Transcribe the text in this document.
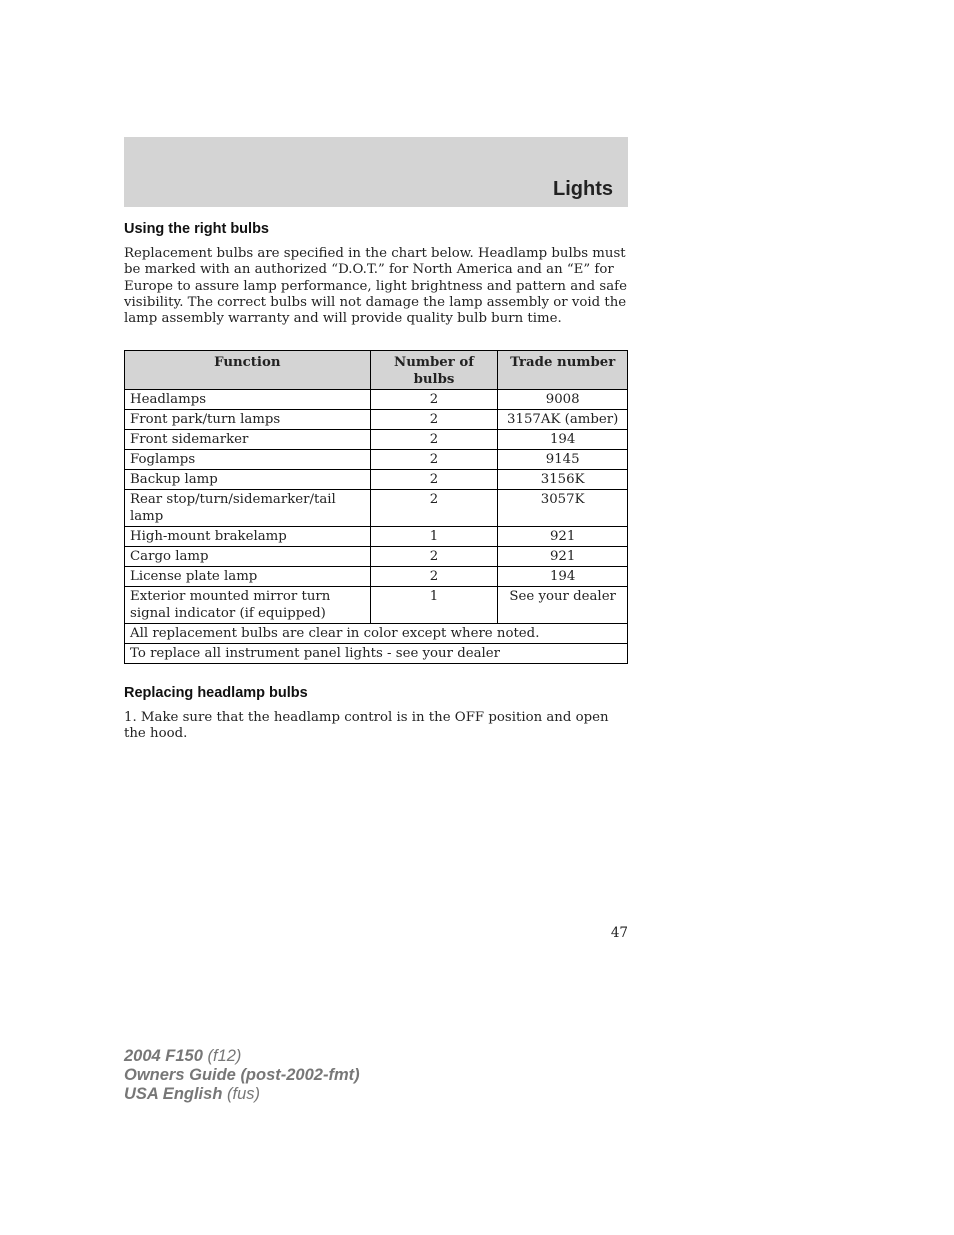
Lights
Using the right bulbs

Replacement bulbs are specified in the chart below. Headlamp bulbs must be marked with an authorized “D.O.T.” for North America and an “E” for Europe to assure lamp performance, light brightness and pattern and safe visibility. The correct bulbs will not damage the lamp assembly or void the lamp assembly warranty and will provide quality bulb burn time.

Function	Number of bulbs	Trade number
Headlamps	2	9008
Front park/turn lamps	2	3157AK (amber)
Front sidemarker	2	194
Foglamps	2	9145
Backup lamp	2	3156K
Rear stop/turn/sidemarker/tail lamp	2	3057K
High-mount brakelamp	1	921
Cargo lamp	2	921
License plate lamp	2	194
Exterior mounted mirror turn signal indicator (if equipped)	1	See your dealer
All replacement bulbs are clear in color except where noted.		
To replace all instrument panel lights - see your dealer		
Replacing headlamp bulbs

1. Make sure that the headlamp control is in the OFF position and open the hood.

47

2004 F150 (f12)
Owners Guide (post-2002-fmt)
USA English (fus)
